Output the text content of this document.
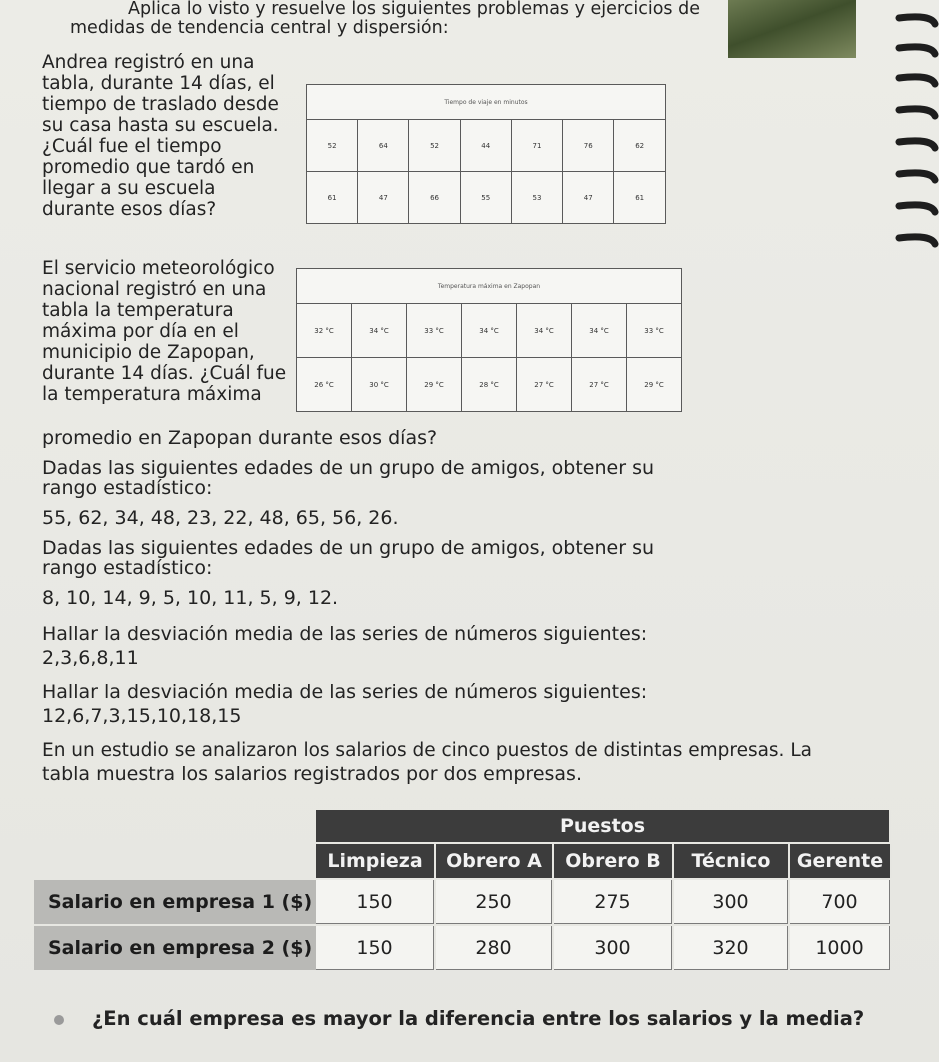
Aplica lo visto y resuelve los siguientes problemas y ejercicios de
medidas de tendencia central y dispersión:
Andrea registró en una
tabla, durante 14 días, el
tiempo de traslado desde
su casa hasta su escuela.
¿Cuál fue el tiempo
promedio que tardó en
llegar a su escuela
durante esos días?
Tiempo de viaje en minutos						
52	64	52	44	71	76	62
61	47	66	55	53	47	61
El servicio meteorológico
nacional registró en una
tabla la temperatura
máxima por día en el
municipio de Zapopan,
durante 14 días. ¿Cuál fue
la temperatura máxima
Temperatura máxima en Zapopan						
32 °C	34 °C	33 °C	34 °C	34 °C	34 °C	33 °C
26 °C	30 °C	29 °C	28 °C	27 °C	27 °C	29 °C

promedio en Zapopan durante esos días?

Dadas las siguientes edades de un grupo de amigos, obtener su

rango estadístico:

55, 62, 34, 48, 23, 22, 48, 65, 56, 26.

Dadas las siguientes edades de un grupo de amigos, obtener su

rango estadístico:

8, 10, 14, 9, 5, 10, 11, 5, 9, 12.

Hallar la desviación media de las series de números siguientes:

2,3,6,8,11

Hallar la desviación media de las series de números siguientes:

12,6,7,3,15,10,18,15

En un estudio se analizaron los salarios de cinco puestos de distintas empresas. La

tabla muestra los salarios registrados por dos empresas.

Puestos
Limpieza	Obrero A	Obrero B	Técnico	Gerente
Salario en empresa 1 ($)	150	250	275	300	700
Salario en empresa 2 ($)	150	280	300	320	1000

¿En cuál empresa es mayor la diferencia entre los salarios y la media?
